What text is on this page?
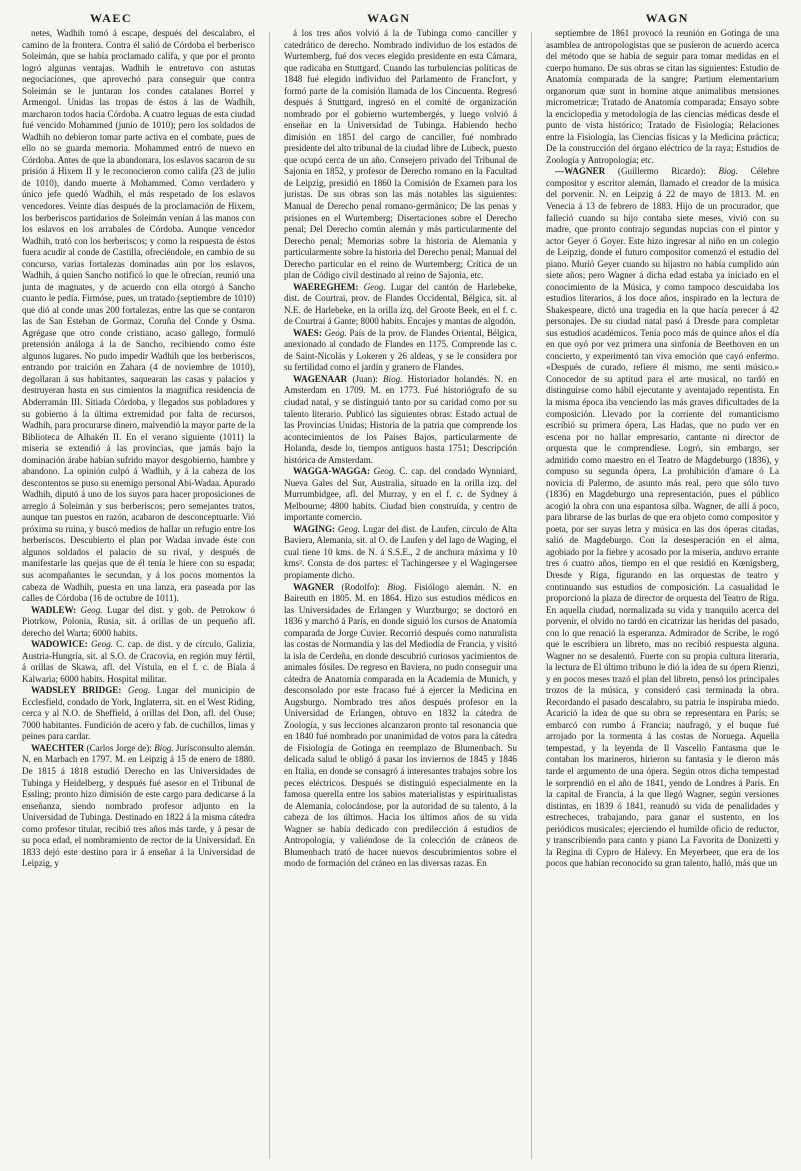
WAEC	WAGN	WAGN

netes, Wadhih tomó á escape, después del descalabro, el camino de la frontera. Contra él salió de Córdoba el berberisco Soleimán, que se había proclamado califa, y que por el pronto logró algunas ventajas. Wadhih le entretuvo con astutas negociaciones, que aprovechó para conseguir que contra Soleimán se le juntaran los condes catalanes Borrel y Armengol. Unidas las tropas de éstos á las de Wadhih, marcharon todos hacia Córdoba. A cuatro leguas de esta ciudad fué vencido Mohammed (junio de 1010); pero los soldados de Wadhih no debieron tomar parte activa en el combate, pues de ello no se guarda memoria. Mohammed entró de nuevo en Córdoba. Antes de que la abandonara, los eslavos sacaron de su prisión á Hixem II y le reconocieron como califa (23 de julio de 1010), dando muerte á Mohammed. Como verdadero y único jefe quedó Wadhih, el más respetado de los eslavos vencedores. Veinte días después de la proclamación de Hixem, los berberiscos partidarios de Soleimán venían á las manos con los eslavos en los arrabales de Córdoba. Aunque vencedor Wadhih, trató con los berberiscos; y como la respuesta de éstos fuera acudir al conde de Castilla, ofreciéndole, en cambio de su concurso, varias fortalezas dominadas aún por los eslavos, Wadhih, á quien Sancho notificó lo que le ofrecían, reunió una junta de magnates, y de acuerdo con ella otorgó á Sancho cuanto le pedía. Firmóse, pues, un tratado (septiembre de 1010) que dió al conde unas 200 fortalezas, entre las que se contaron las de San Esteban de Gormaz, Coruña del Conde y Osma. Agrégase que otro conde cristiano, acaso gallego, formuló pretensión análoga á la de Sancho, recibiendo como éste algunos lugares. No pudo impedir Wadhih que los berberiscos, entrando por traición en Zahara (4 de noviembre de 1010), degollaran á sus habitantes, saquearan las casas y palacios y destruyeran hasta en sus cimientos la magnífica residencia de Abderramán III. Sitiada Córdoba, y llegados sus pobladores y su gobierno á la última extremidad por falta de recursos, Wadhih, para procurarse dinero, malvendió la mayor parte de la Biblioteca de Alhakén II. En el verano siguiente (1011) la miseria se extendió á las provincias, que jamás bajo la dominación árabe habían sufrido mayor desgobierno, hambre y abandono. La opinión culpó á Wadhih, y á la cabeza de los descontentos se puso su enemigo personal Abí-Wadaa. Apurado Wadhih, diputó á uno de los suyos para hacer proposiciones de arreglo á Soleimán y sus berberiscos; pero semejantes tratos, aunque tan puestos en razón, acabaron de desconceptuarle. Vió próxima su ruina, y buscó medios de hallar un refugio entre los berberiscos. Descubierto el plan por Wadaa invade éste con algunos soldados el palacio de su rival, y después de manifestarle las quejas que de él tenía le hiere con su espada; sus acompañantes le secundan, y á los pocos momentos la cabeza de Wadhih, puesta en una lanza, era paseada por las calles de Córdoba (16 de octubre de 1011).

WADLEW: Geog. Lugar del dist. y gob. de Petrokow ó Piotrkow, Polonia, Rusia, sit. á orillas de un pequeño afl. derecho del Warta; 6000 habits.

WADOWICE: Geog. C. cap. de dist. y de círculo, Galizia, Austria-Hungría, sit. al S.O. de Cracovia, en región muy fértil, á orillas de Skawa, afl. del Vístula, en el f. c. de Biala á Kalwaria; 6000 habits. Hospital militar.

WADSLEY BRIDGE: Geog. Lugar del municipio de Ecclesfield, condado de York, Inglaterra, sit. en el West Riding, cerca y al N.O. de Sheffield, á orillas del Don, afl. del Ouse; 7000 habitantes. Fundición de acero y fab. de cuchillos, limas y peines para cardar.

WAECHTER (Carlos Jorge de): Biog. Jurisconsulto alemán. N. en Marbach en 1797. M. en Leipzig á 15 de enero de 1880. De 1815 á 1818 estudió Derecho en las Universidades de Tubinga y Heidelberg, y después fué asesor en el Tribunal de Essling; pronto hizo dimisión de este cargo para dedicarse á la enseñanza, siendo nombrado profesor adjunto en la Universidad de Tubinga. Destinado en 1822 á la misma cátedra como profesor titular, recibió tres años más tarde, y á pesar de su poca edad, el nombramiento de rector de la Universidad. En 1833 dejó este destino para ir á enseñar á la Universidad de Leipzig, y

á los tres años volvió á la de Tubinga como canciller y catedrático de derecho. Nombrado individuo de los estados de Wurtemberg, fué dos veces elegido presidente en esta Cámara, que radicaba en Stuttgard. Cuando las turbulencias políticas de 1848 fué elegido individuo del Parlamento de Francfort, y formó parte de la comisión llamada de los Cincuenta. Regresó después á Stuttgard, ingresó en el comité de organización nombrado por el gobierno wurtembergés, y luego volvió á enseñar en la Universidad de Tubinga. Habiendo hecho dimisión en 1851 del cargo de canciller, fué nombrado presidente del alto tribunal de la ciudad libre de Lubeck, puesto que ocupó cerca de un año. Consejero privado del Tribunal de Sajonia en 1852, y profesor de Derecho romano en la Facultad de Leipzig, presidió en 1860 la Comisión de Examen para los juristas. De sus obras son las más notables las siguientes: Manual de Derecho penal romano-germánico; De las penas y prisiones en el Wurtemberg; Disertaciones sobre el Derecho penal; Del Derecho común alemán y más particularmente del Derecho penal; Memorias sobre la historia de Alemania y particularmente sobre la historia del Derecho penal; Manual del Derecho particular en el reino de Wurtemberg; Crítica de un plan de Código civil destinado al reino de Sajonia, etc.

WAEREGHEM: Geog. Lugar del cantón de Harlebeke, dist. de Courtrai, prov. de Flandes Occidental, Bélgica, sit. al N.E. de Harlebeke, en la orilla izq. del Groote Beek, en el f. c. de Courtrai á Gante; 8000 habits. Encajes y mantas de algodón.

WAES: Geog. País de la prov. de Flandes Oriental, Bélgica, anexionado al condado de Flandes en 1175. Comprende las c. de Saint-Nicolás y Lokeren y 26 aldeas, y se le considera por su fertilidad como el jardín y granero de Flandes.

WAGENAAR (Juan): Biog. Historiador holandés. N. en Amsterdam en 1709. M. en 1773. Fué historiógrafo de su ciudad natal, y se distinguió tanto por su caridad como por su talento literario. Publicó las siguientes obras: Estado actual de las Provincias Unidas; Historia de la patria que comprende los acontecimientos de los Países Bajos, particularmente de Holanda, desde lo, tiempos antiguos hasta 1751; Descripción histórica de Amsterdam.

WAGGA-WAGGA: Geog. C. cap. del condado Wynniard, Nueva Gales del Sur, Australia, situado en la orilla izq. del Murrumbidgee, afl. del Murray, y en el f. c. de Sydney á Melbourne; 4800 habits. Ciudad bien construída, y centro de importante comercio.

WAGING: Geog. Lugar del dist. de Laufen, círculo de Alta Baviera, Alemania, sit. al O. de Laufen y del lago de Waging, el cual tiene 10 kms. de N. á S.S.E., 2 de anchura máxima y 10 kms². Consta de dos partes: el Tachingersee y el Wagingersee propiamente dicho.

WAGNER (Rodolfo): Biog. Fisiólogo alemán. N. en Baireuth en 1805. M. en 1864. Hizo sus estudios médicos en las Universidades de Erlangen y Wurzburgo; se doctoró en 1836 y marchó á París, en donde siguió los cursos de Anatomía comparada de Jorge Cuvier. Recorrió después como naturalista las costas de Normandía y las del Mediodía de Francia, y visitó la isla de Cerdeña, en donde descubrió curiosos yacimientos de animales fósiles. De regreso en Baviera, no pudo conseguir una cátedra de Anatomía comparada en la Academia de Munich, y desconsolado por este fracaso fué á ejercer la Medicina en Augsburgo. Nombrado tres años después profesor en la Universidad de Erlangen, obtuvo en 1832 la cátedra de Zoología, y sus lecciones alcanzaron pronto tal resonancia que en 1840 fué nombrado por unanimidad de votos para la cátedra de Fisiología de Gotinga en reemplazo de Blumenbach. Su delicada salud le obligó á pasar los inviernos de 1845 y 1846 en Italia, en donde se consagró á interesantes trabajos sobre los peces eléctricos. Después se distinguió especialmente en la famosa querella entre los sabios materialistas y espiritualistas de Alemania, colocándose, por la autoridad de su talento, á la cabeza de los últimos. Hacia los últimos años de su vida Wagner se había dedicado con predilección á estudios de Antropología, y valiéndose de la colección de cráneos de Blumenbach trató de hacer nuevos descubrimientos sobre el modo de formación del cráneo en las diversas razas. En

septiembre de 1861 provocó la reunión en Gotinga de una asamblea de antropologistas que se pusieron de acuerdo acerca del método que se había de seguir para tomar medidas en el cuerpo humano. De sus obras se citan las siguientes: Estudio de Anatomía comparada de la sangre; Partium elementarium organorum quæ sunt in homine atque animalibus mensiones micrometricæ; Tratado de Anatomía comparada; Ensayo sobre la enciclopedia y metodología de las ciencias médicas desde el punto de vista histórico; Tratado de Fisiología; Relaciones entre la Fisiología, las Ciencias físicas y la Medicina práctica; De la construcción del órgano eléctrico de la raya; Estudios de Zoología y Antropología; etc.

—WAGNER (Guillermo Ricardo): Biog. Célebre compositor y escritor alemán, llamado el creador de la música del porvenir. N. en Leipzig á 22 de mayo de 1813. M. en Venecia á 13 de febrero de 1883. Hijo de un procurador, que falleció cuando su hijo contaba siete meses, vivió con su madre, que pronto contrajo segundas nupcias con el pintor y actor Geyer ó Goyer. Este hizo ingresar al niño en un colegio de Leipzig, donde el futuro compositor comenzó el estudio del piano. Murió Geyer cuando su hijastro no había cumplido aún siete años; pero Wagner á dicha edad estaba ya iniciado en el conocimiento de la Música, y como tampoco descuidaba los estudios literarios, á los doce años, inspirado en la lectura de Shakespeare, dictó una tragedia en la que hacía perecer á 42 personajes. De su ciudad natal pasó á Dresde para completar sus estudios académicos. Tenía poco más de quince años el día en que oyó por vez primera una sinfonía de Beethoven en un concierto, y experimentó tan viva emoción que cayó enfermo. «Después de curado, refiere él mismo, me sentí músico.» Conocedor de su aptitud para el arte musical, no tardó en distinguirse como hábil ejecutante y aventajado repentista. En la misma época iba venciendo las más graves dificultades de la composición. Llevado por la corriente del romanticismo escribió su primera ópera, Las Hadas, que no pudo ver en escena por no hallar empresario, cantante ni director de orquesta que le comprendiese. Logró, sin embargo, ser admitido como maestro en el Teatro de Magdeburgo (1836), y compuso su segunda ópera, La prohibición d'amare ó La novicia di Palermo, de asunto más real, pero que sólo tuvo (1836) en Magdeburgo una representación, pues el público acogió la obra con una espantosa silba. Wagner, de allí á poco, para librarse de las burlas de que era objeto como compositor y poeta, por ser suyas letra y música en las dos óperas citadas, salió de Magdeburgo. Con la desesperación en el alma, agobiado por la fiebre y acosado por la miseria, anduvo errante tres ó cuatro años, tiempo en el que residió en Kœnigsberg, Dresde y Riga, figurando en las orquestas de teatro y continuando sus estudios de composición. La casualidad le proporcionó la plaza de director de orquesta del Teatro de Riga. En aquella ciudad, normalizada su vida y tranquilo acerca del porvenir, el olvido no tardó en cicatrizar las heridas del pasado, con lo que renació la esperanza. Admirador de Scribe, le rogó que le escribiera un libreto, mas no recibió respuesta alguna. Wagner no se desalentó. Fuerte con su propia cultura literaria, la lectura de El último tribuno le dió la idea de su ópera Rienzi, y en pocos meses trazó el plan del libreto, pensó los principales trozos de la música, y consideró casi terminada la obra. Recordando el pasado descalabro, su patria le inspiraba miedo. Acarició la idea de que su obra se representara en París; se embarcó con rumbo á Francia; naufragó, y el buque fué arrojado por la tormenta á las costas de Noruega. Aquella tempestad, y la leyenda de Il Vascello Fantasma que le contaban los marineros, hirieron su fantasía y le dieron más tarde el argumento de una ópera. Según otros dicha tempestad le sorprendió en el año de 1841, yendo de Londres á París. En la capital de Francia, á la que llegó Wagner, según versiones distintas, en 1839 ó 1841, reanudó su vida de penalidades y estrecheces, trabajando, para ganar el sustento, en los periódicos musicales; ejerciendo el humilde oficio de reductor, y transcribiendo para canto y piano La Favorita de Donizetti y la Regina di Cypro de Halevy. En Meyerbeer, que era de los pocos que habían reconocido su gran talento, halló, más que un
